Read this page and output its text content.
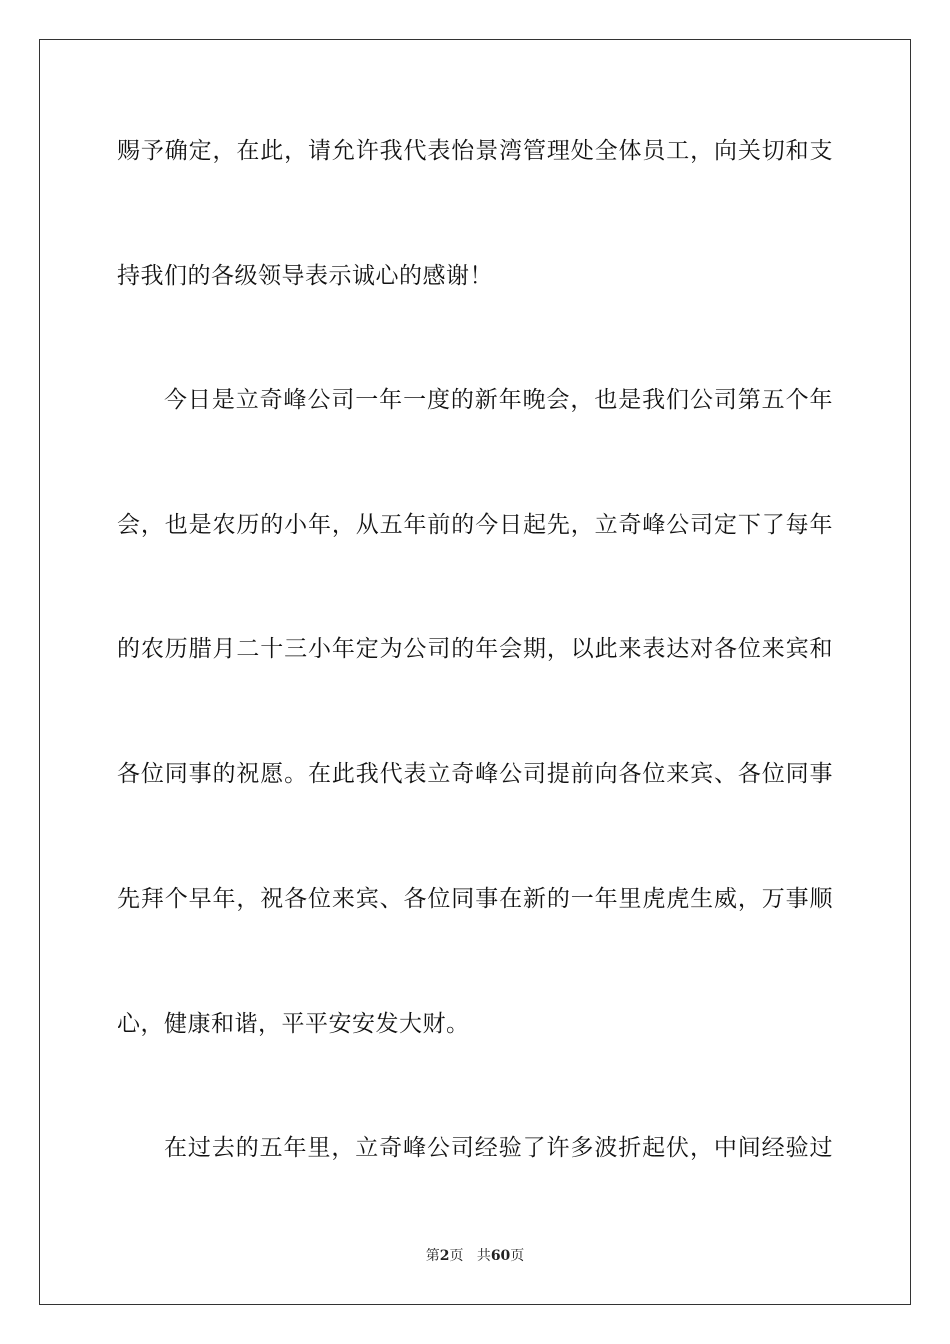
赐予确定，在此，请允许我代表怡景湾管理处全体员工，向关切和支
持我们的各级领导表示诚心的感谢！
今日是立奇峰公司一年一度的新年晚会，也是我们公司第五个年
会，也是农历的小年，从五年前的今日起先，立奇峰公司定下了每年
的农历腊月二十三小年定为公司的年会期，以此来表达对各位来宾和
各位同事的祝愿。在此我代表立奇峰公司提前向各位来宾、各位同事
先拜个早年，祝各位来宾、各位同事在新的一年里虎虎生威，万事顺
心，健康和谐，平平安安发大财。
在过去的五年里，立奇峰公司经验了许多波折起伏，中间经验过
第2页 共60页
